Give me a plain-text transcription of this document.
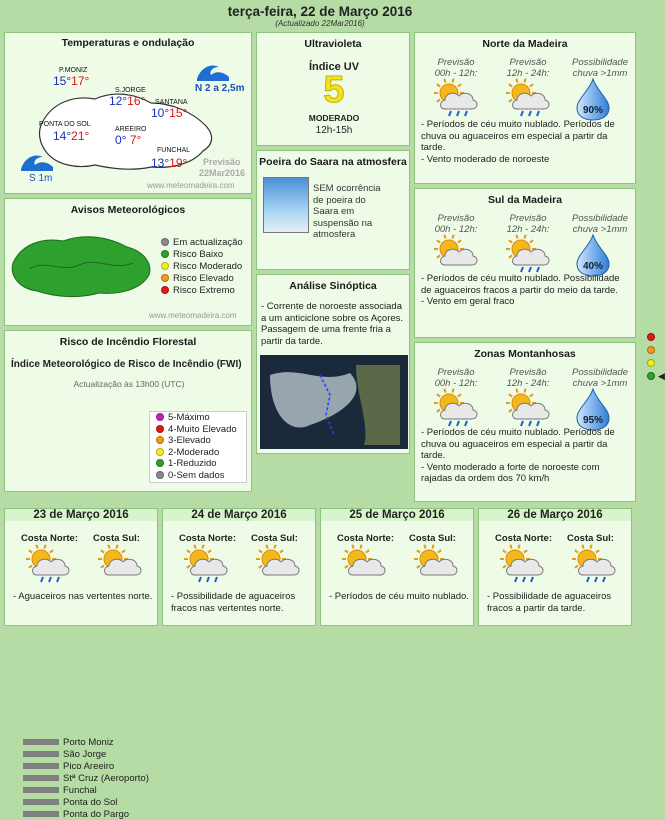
terça-feira, 22 de Março 2016
(Actualizado 22Mar2016)
Temperaturas e ondulação
P.MONIZ
15°17°
S.JORGE
12°16° SANTANA
10°15°
PONTA DO SOL
14°21°	AREEIRO
0° 7°
FUNCHAL
13°19°
N 2 a 2,5m
S 1m
Previsão
22Mar2016
www.meteomadeira.com
Avisos Meteorológicos
Em actualização
Risco Baixo
Risco Moderado
Risco Elevado
Risco Extremo
www.meteomadeira.com
Risco de Incêndio Florestal
Índice Meteorológico de Risco de Incêndio (FWI)
Actualização às 13h00 (UTC)
Porto Moniz
São Jorge
Pico Areeiro
Stª Cruz (Aeroporto)
Funchal
Ponta do Sol
Ponta do Pargo
5-Máximo
4-Muito Elevado
3-Elevado
2-Moderado
1-Reduzido
0-Sem dados
Ultravioleta
Índice UV
5
MODERADO
12h-15h
Poeira do Saara na atmosfera
SEM ocorrência de poeira do Saara em suspensão na atmosfera
◀
Análise Sinóptica
- Corrente de noroeste associada a um anticiclone sobre os Açores. Passagem de uma frente fria a partir da tarde.
Norte da Madeira
Previsão
00h - 12h:
Previsão
12h - 24h:
Possibilidade
chuva >1mm
90%
- Períodos de céu muito nublado. Períodos de chuva ou aguaceiros em especial a partir da tarde.
- Vento moderado de noroeste
Sul da Madeira
Previsão
00h - 12h:
Previsão
12h - 24h:
Possibilidade
chuva >1mm
40%
- Períodos de céu muito nublado. Possibilidade de aguaceiros fracos a partir do meio da tarde.
- Vento em geral fraco
Zonas Montanhosas
Previsão
00h - 12h:
Previsão
12h - 24h:
Possibilidade
chuva >1mm
95%
- Períodos de céu muito nublado. Períodos de chuva ou aguaceiros em especial a partir da tarde.
- Vento moderado a forte de noroeste com rajadas da ordem dos 70 km/h
23 de Março 2016
Costa Norte: Costa Sul:
- Aguaceiros nas vertentes norte.
24 de Março 2016
Costa Norte: Costa Sul:
- Possibilidade de aguaceiros fracos nas vertentes norte.
25 de Março 2016
Costa Norte: Costa Sul:
- Períodos de céu muito nublado.
26 de Março 2016
Costa Norte: Costa Sul:
- Possibilidade de aguaceiros fracos a partir da tarde.
